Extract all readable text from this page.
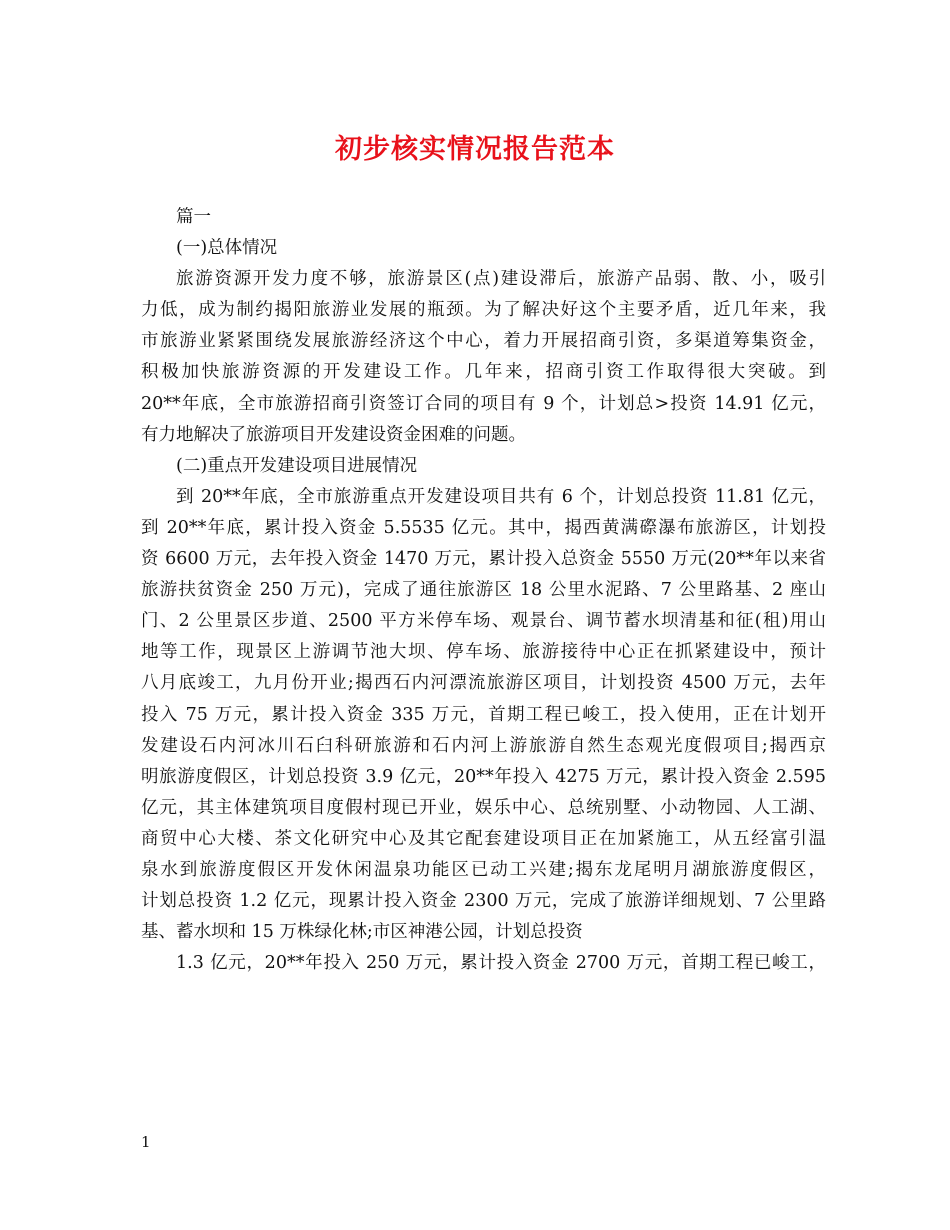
初步核实情况报告范本
篇一
(一)总体情况
旅游资源开发力度不够，旅游景区(点)建设滞后，旅游产品弱、散、小，吸引
力低，成为制约揭阳旅游业发展的瓶颈。为了解决好这个主要矛盾，近几年来，我
市旅游业紧紧围绕发展旅游经济这个中心，着力开展招商引资，多渠道筹集资金，
积极加快旅游资源的开发建设工作。几年来，招商引资工作取得很大突破。到
20**年底，全市旅游招商引资签订合同的项目有 9 个，计划总>投资 14.91 亿元，
有力地解决了旅游项目开发建设资金困难的问题。
(二)重点开发建设项目进展情况
到 20**年底，全市旅游重点开发建设项目共有 6 个，计划总投资 11.81 亿元，
到 20**年底，累计投入资金 5.5535 亿元。其中，揭西黄满磜瀑布旅游区，计划投
资 6600 万元，去年投入资金 1470 万元，累计投入总资金 5550 万元(20**年以来省
旅游扶贫资金 250 万元)，完成了通往旅游区 18 公里水泥路、7 公里路基、2 座山
门、2 公里景区步道、2500 平方米停车场、观景台、调节蓄水坝清基和征(租)用山
地等工作，现景区上游调节池大坝、停车场、旅游接待中心正在抓紧建设中，预计
八月底竣工，九月份开业;揭西石内河漂流旅游区项目，计划投资 4500 万元，去年
投入 75 万元，累计投入资金 335 万元，首期工程已峻工，投入使用，正在计划开
发建设石内河冰川石臼科研旅游和石内河上游旅游自然生态观光度假项目;揭西京
明旅游度假区，计划总投资 3.9 亿元，20**年投入 4275 万元，累计投入资金 2.595
亿元，其主体建筑项目度假村现已开业，娱乐中心、总统别墅、小动物园、人工湖、
商贸中心大楼、茶文化研究中心及其它配套建设项目正在加紧施工，从五经富引温
泉水到旅游度假区开发休闲温泉功能区已动工兴建;揭东龙尾明月湖旅游度假区，
计划总投资 1.2 亿元，现累计投入资金 2300 万元，完成了旅游详细规划、7 公里路
基、蓄水坝和 15 万株绿化林;市区神港公园，计划总投资
1.3 亿元，20**年投入 250 万元，累计投入资金 2700 万元，首期工程已峻工，
1
